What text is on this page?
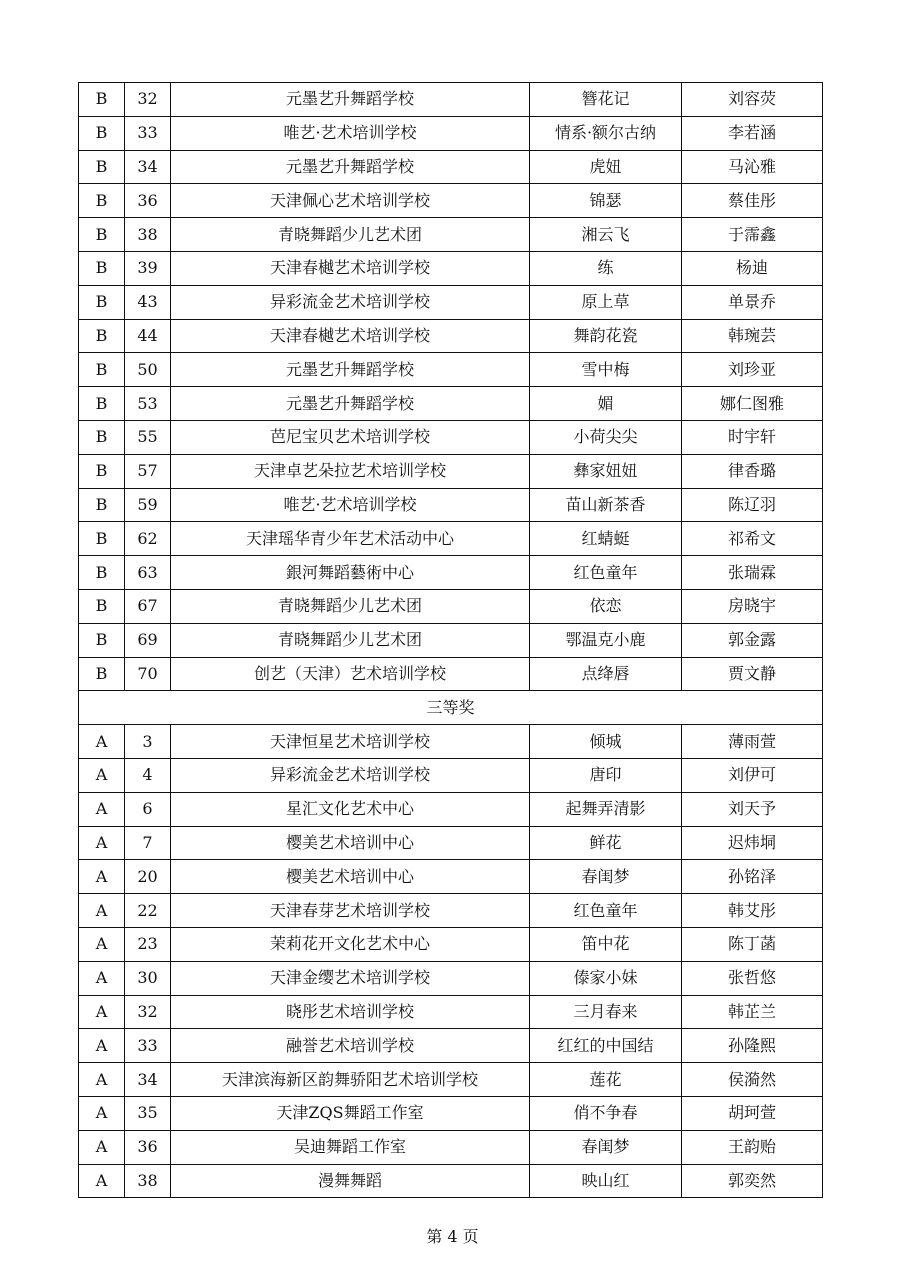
B	32	元墨艺升舞蹈学校	簪花记	刘容荧
B	33	唯艺·艺术培训学校	情系·额尔古纳	李若涵
B	34	元墨艺升舞蹈学校	虎妞	马沁雅
B	36	天津佩心艺术培训学校	锦瑟	蔡佳彤
B	38	青晓舞蹈少儿艺术团	湘云飞	于霈鑫
B	39	天津春樾艺术培训学校	练	杨迪
B	43	异彩流金艺术培训学校	原上草	单景乔
B	44	天津春樾艺术培训学校	舞韵花瓷	韩琬芸
B	50	元墨艺升舞蹈学校	雪中梅	刘珍亚
B	53	元墨艺升舞蹈学校	媚	娜仁图雅
B	55	芭尼宝贝艺术培训学校	小荷尖尖	时宇轩
B	57	天津卓艺朵拉艺术培训学校	彝家妞妞	律香璐
B	59	唯艺·艺术培训学校	苗山新茶香	陈辽羽
B	62	天津瑶华青少年艺术活动中心	红蜻蜓	祁希文
B	63	銀河舞蹈藝術中心	红色童年	张瑞霖
B	67	青晓舞蹈少儿艺术团	依恋	房晓宇
B	69	青晓舞蹈少儿艺术团	鄂温克小鹿	郭金露
B	70	创艺（天津）艺术培训学校	点绛唇	贾文静
三等奖				
A	3	天津恒星艺术培训学校	倾城	薄雨萱
A	4	异彩流金艺术培训学校	唐印	刘伊可
A	6	星汇文化艺术中心	起舞弄清影	刘天予
A	7	樱美艺术培训中心	鲜花	迟炜垌
A	20	樱美艺术培训中心	春闺梦	孙铭泽
A	22	天津春芽艺术培训学校	红色童年	韩艾彤
A	23	茉莉花开文化艺术中心	笛中花	陈丁菡
A	30	天津金缨艺术培训学校	傣家小妹	张哲悠
A	32	晓彤艺术培训学校	三月春来	韩芷兰
A	33	融誉艺术培训学校	红红的中国结	孙隆熙
A	34	天津滨海新区韵舞骄阳艺术培训学校	莲花	侯漪然
A	35	天津ZQS舞蹈工作室	俏不争春	胡珂萱
A	36	吴迪舞蹈工作室	春闺梦	王韵贻
A	38	漫舞舞蹈	映山红	郭奕然
第 4 页
